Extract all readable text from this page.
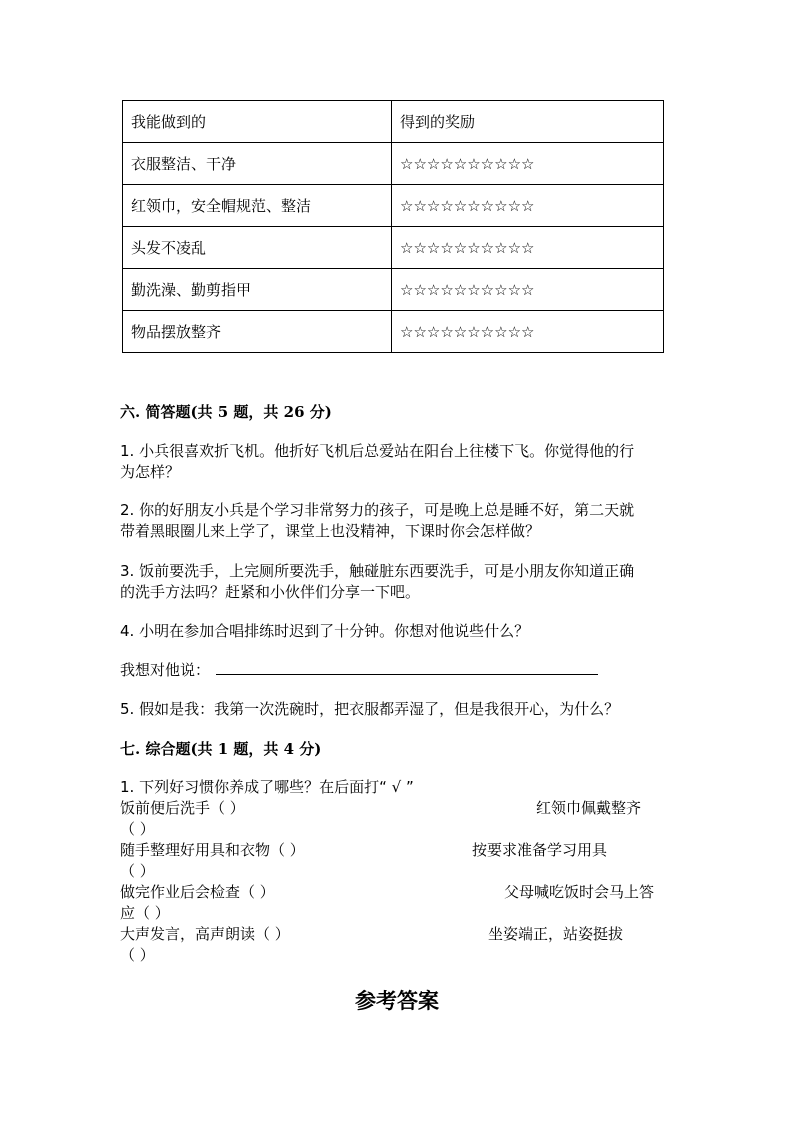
我能做到的	得到的奖励
衣服整洁、干净	☆☆☆☆☆☆☆☆☆☆
红领巾，安全帽规范、整洁	☆☆☆☆☆☆☆☆☆☆
头发不凌乱	☆☆☆☆☆☆☆☆☆☆
勤洗澡、勤剪指甲	☆☆☆☆☆☆☆☆☆☆
物品摆放整齐	☆☆☆☆☆☆☆☆☆☆
六. 简答题(共 5 题，共 26 分)
1. 小兵很喜欢折飞机。他折好飞机后总爱站在阳台上往楼下飞。你觉得他的行
为怎样？
2. 你的好朋友小兵是个学习非常努力的孩子，可是晚上总是睡不好，第二天就
带着黑眼圈儿来上学了，课堂上也没精神，下课时你会怎样做？
3. 饭前要洗手，上完厕所要洗手，触碰脏东西要洗手，可是小朋友你知道正确
的洗手方法吗？赶紧和小伙伴们分享一下吧。
4. 小明在参加合唱排练时迟到了十分钟。你想对他说些什么？
我想对他说：
5. 假如是我：我第一次洗碗时，把衣服都弄湿了，但是我很开心，为什么？
七. 综合题(共 1 题，共 4 分)
1. 下列好习惯你养成了哪些？在后面打“ √ ”
饭前便后洗手（ ）	红领巾佩戴整齐
（ ）
随手整理好用具和衣物（ ）	按要求准备学习用具
（ ）
做完作业后会检查（ ）	父母喊吃饭时会马上答
应（ ）
大声发言，高声朗读（ ）	坐姿端正，站姿挺拔
（ ）
参考答案
